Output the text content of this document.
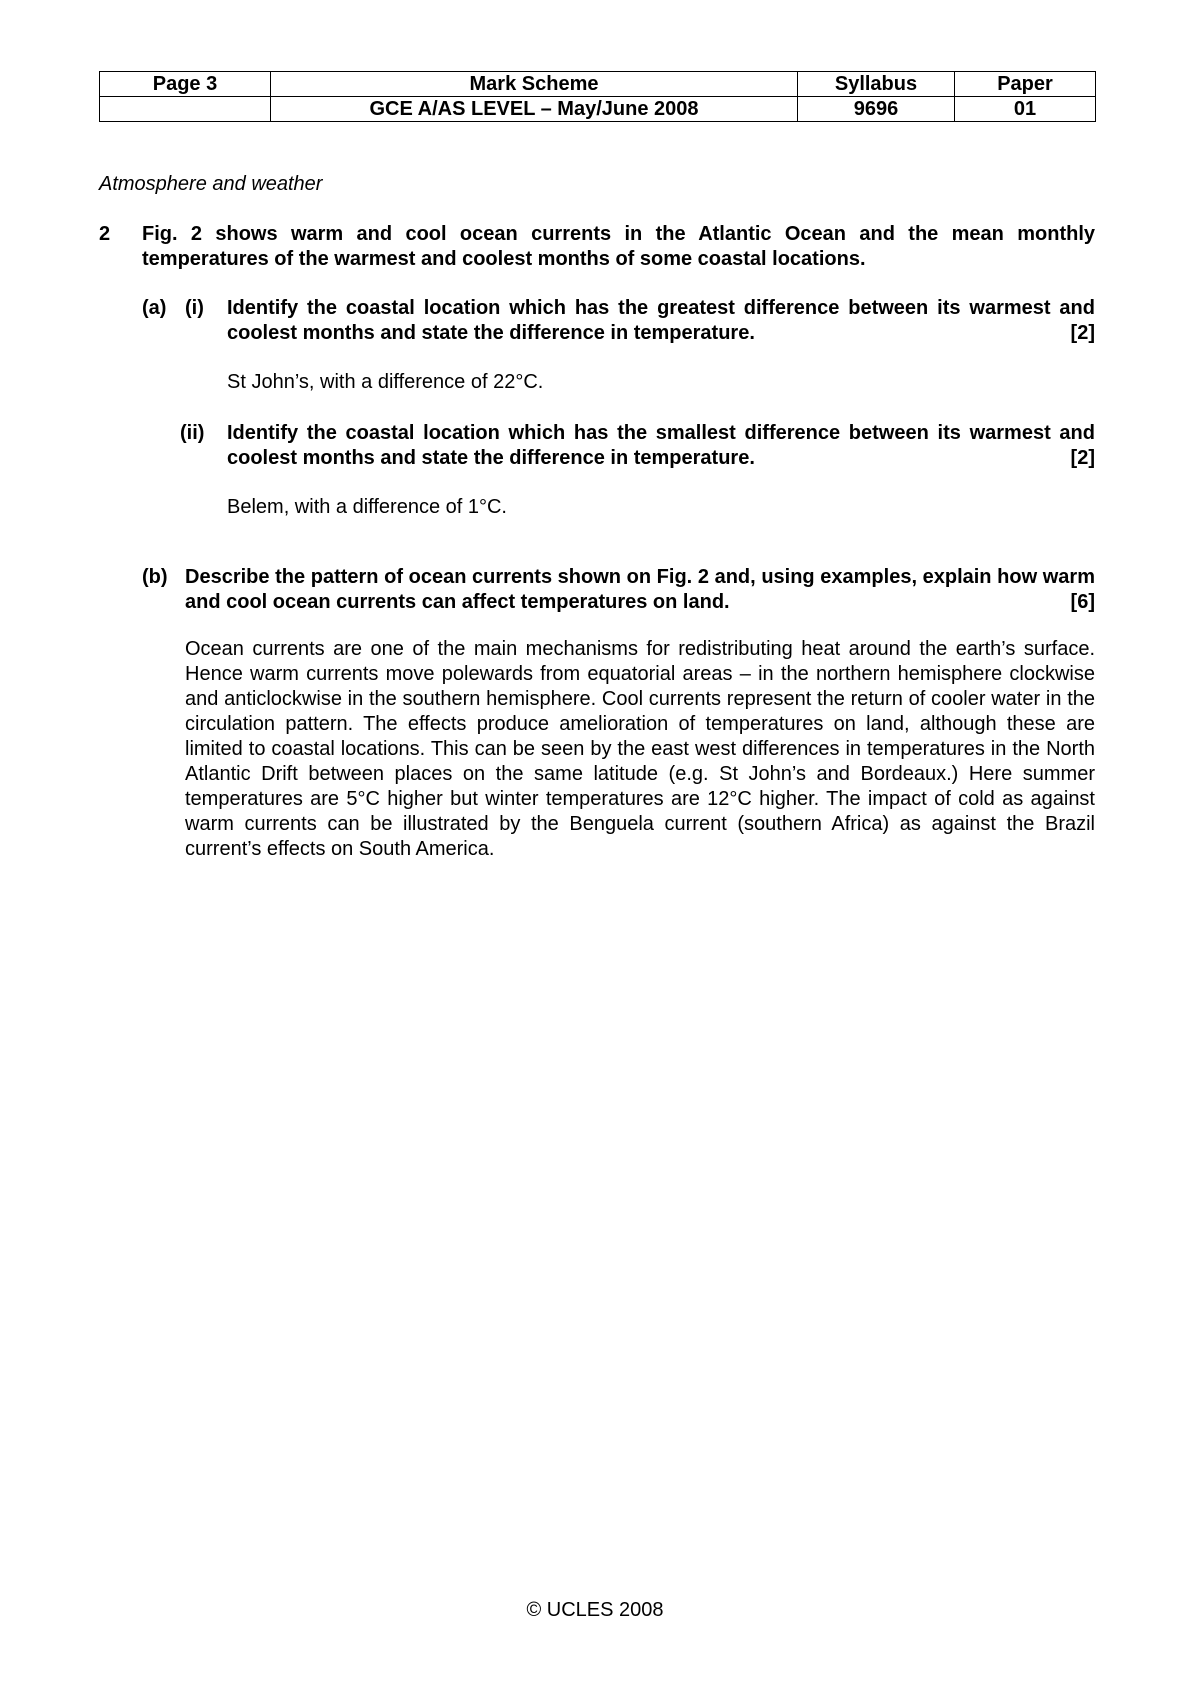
Page 3	Mark Scheme	Syllabus	Paper
	GCE A/AS LEVEL – May/June 2008	9696	01
Atmosphere and weather
2 Fig. 2 shows warm and cool ocean currents in the Atlantic Ocean and the mean monthly temperatures of the warmest and coolest months of some coastal locations.
(a) (i) Identify the coastal location which has the greatest difference between its warmest and coolest months and state the difference in temperature.	[2]
St John’s, with a difference of 22°C.
(ii) Identify the coastal location which has the smallest difference between its warmest and coolest months and state the difference in temperature.	[2]
Belem, with a difference of 1°C.
(b) Describe the pattern of ocean currents shown on Fig. 2 and, using examples, explain how warm and cool ocean currents can affect temperatures on land.	[6]
Ocean currents are one of the main mechanisms for redistributing heat around the earth’s surface. Hence warm currents move polewards from equatorial areas – in the northern hemisphere clockwise and anticlockwise in the southern hemisphere. Cool currents represent the return of cooler water in the circulation pattern. The effects produce amelioration of temperatures on land, although these are limited to coastal locations. This can be seen by the east west differences in temperatures in the North Atlantic Drift between places on the same latitude (e.g. St John’s and Bordeaux.) Here summer temperatures are 5°C higher but winter temperatures are 12°C higher. The impact of cold as against warm currents can be illustrated by the Benguela current (southern Africa) as against the Brazil current’s effects on South America.
© UCLES 2008
